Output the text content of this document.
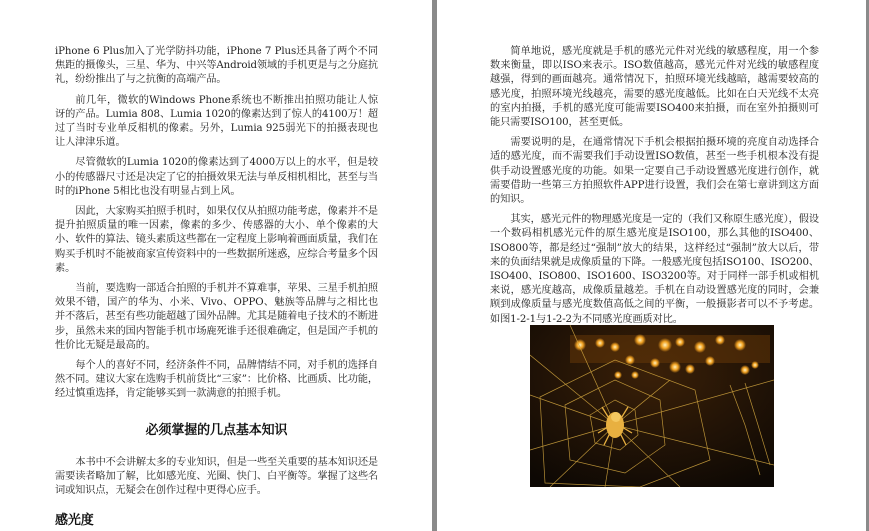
iPhone 6 Plus加入了光学防抖功能，iPhone 7 Plus还具备了两个不同焦距的摄像头，三星、华为、中兴等Android领域的手机更是与之分庭抗礼，纷纷推出了与之抗衡的高端产品。

前几年，微软的Windows Phone系统也不断推出拍照功能让人惊讶的产品。Lumia 808、Lumia 1020的像素达到了惊人的4100万！超过了当时专业单反相机的像素。另外，Lumia 925弱光下的拍摄表现也让人津津乐道。

尽管微软的Lumia 1020的像素达到了4000万以上的水平，但是较小的传感器尺寸还是决定了它的拍摄效果无法与单反相机相比，甚至与当时的iPhone 5相比也没有明显占到上风。

因此，大家购买拍照手机时，如果仅仅从拍照功能考虑，像素并不是提升拍照质量的唯一因素，像素的多少、传感器的大小、单个像素的大小、软件的算法、镜头素质这些都在一定程度上影响着画面质量，我们在购买手机时不能被商家宣传资料中的一些数据所迷惑，应综合考量多个因素。

当前，要选购一部适合拍照的手机并不算难事，苹果、三星手机拍照效果不错，国产的华为、小米、Vivo、OPPO、魅族等品牌与之相比也并不落后，甚至有些功能超越了国外品牌。尤其是随着电子技术的不断进步，虽然未来的国内智能手机市场鹿死谁手还很难确定，但是国产手机的性价比无疑是最高的。

每个人的喜好不同，经济条件不同，品牌情结不同，对手机的选择自然不同。建议大家在选购手机前货比“三家”：比价格、比画质、比功能，经过慎重选择，肯定能够买到一款满意的拍照手机。

必须掌握的几点基本知识

本书中不会讲解太多的专业知识，但是一些至关重要的基本知识还是需要读者略加了解，比如感光度、光圈、快门、白平衡等。掌握了这些名词或知识点，无疑会在创作过程中更得心应手。

感光度

简单地说，感光度就是手机的感光元件对光线的敏感程度，用一个参数来衡量，即以ISO来表示。ISO数值越高，感光元件对光线的敏感程度越强，得到的画面越亮。通常情况下，拍照环境光线越暗，越需要较高的感光度，拍照环境光线越亮，需要的感光度越低。比如在白天光线不太亮的室内拍摄，手机的感光度可能需要ISO400来拍摄，而在室外拍摄则可能只需要ISO100，甚至更低。

需要说明的是，在通常情况下手机会根据拍摄环境的亮度自动选择合适的感光度，而不需要我们手动设置ISO数值，甚至一些手机根本没有提供手动设置感光度的功能。如果一定要自己手动设置感光度进行创作，就需要借助一些第三方拍照软件APP进行设置，我们会在第七章讲到这方面的知识。

其实，感光元件的物理感光度是一定的（我们又称原生感光度），假设一个数码相机感光元件的原生感光度是ISO100，那么其他的ISO400、ISO800等，都是经过“强制”放大的结果，这样经过“强制”放大以后，带来的负面结果就是成像质量的下降。一般感光度包括ISO100、ISO200、ISO400、ISO800、ISO1600、ISO3200等。对于同样一部手机或相机来说，感光度越高，成像质量越差。手机在自动设置感光度的同时，会兼顾到成像质量与感光度数值高低之间的平衡，一般摄影者可以不予考虑。如图1-2-1与1-2-2为不同感光度画质对比。
